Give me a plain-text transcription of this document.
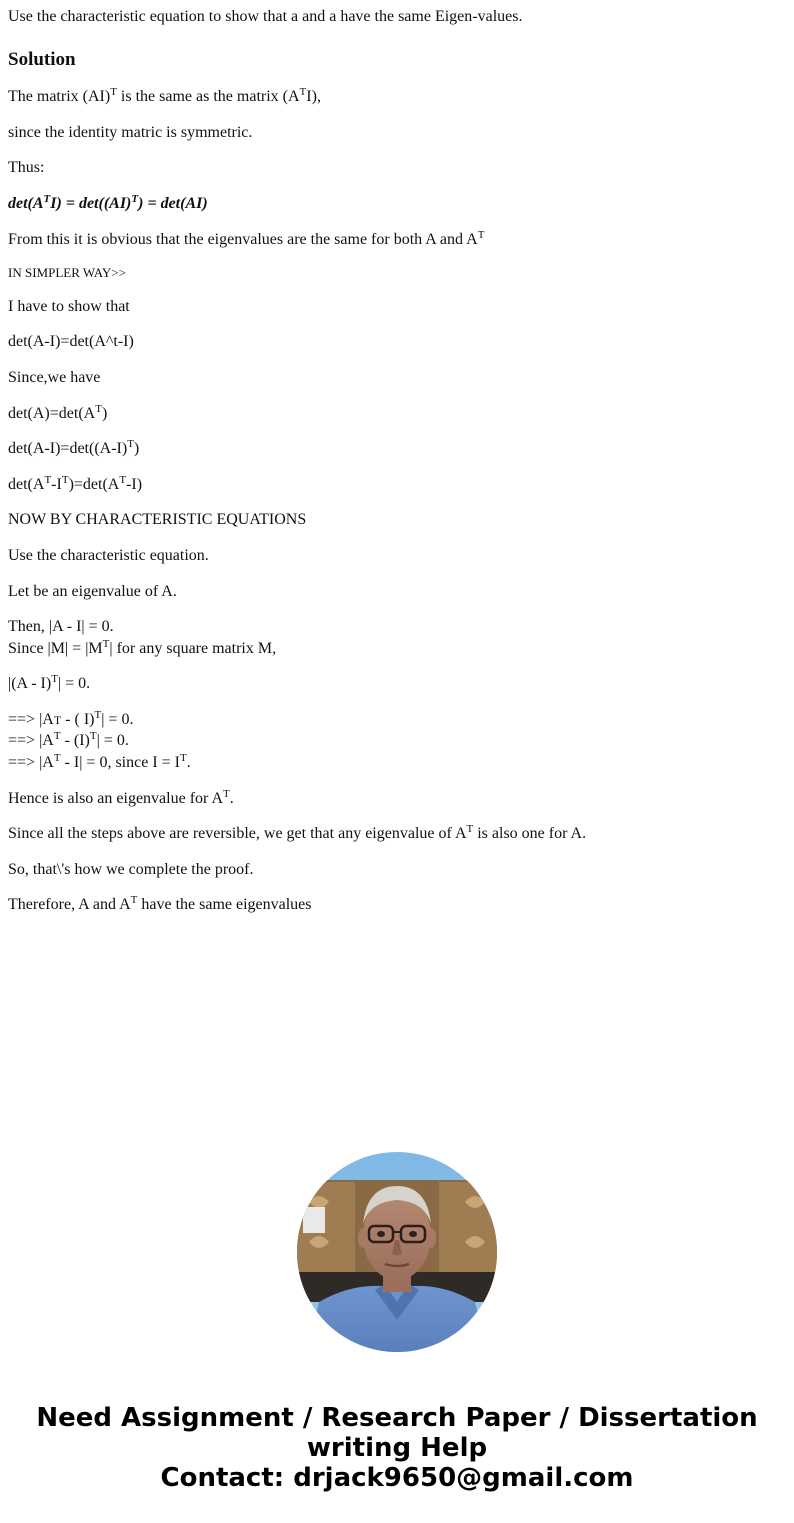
Use the characteristic equation to show that a and a have the same Eigen-values.
Solution
The matrix (AI)$^T$ is the same as the matrix $(A^TI)$,
since the identity matric is symmetric.
Thus:
$\det(A^TI) = \det((AI)^T) = \det(AI)$
From this it is obvious that the eigenvalues are the same for both A and $A^T$
IN SIMPLER WAY>>
I have to show that
det(A-I)=det(A^t-I)
Since,we have
$\det(A)=\det(A^T)$
$\det(A-I)=\det((A-I)^T)$
$\det(A^T-I^T)=\det(A^T-I)$
NOW BY CHARACTERISTIC EQUATIONS
Use the characteristic equation.
Let be an eigenvalue of A.
Then, |A - I| = 0.
Since $|M| = |M^T|$ for any square matrix M,
|(A - I)$^T$| = 0.
==> |AT - ( I)$^T$| = 0.
==> $|A^T - (I)^T| = 0$.
==> $|A^T - I| = 0$, since $I = I^T$.
Hence is also an eigenvalue for $A^T$.
Since all the steps above are reversible, we get that any eigenvalue of $A^T$ is also one for A.
So, that\'s how we complete the proof.
Therefore, A and $A^T$ have the same eigenvalues
Need Assignment / Research Paper / Dissertation
writing Help
Contact: drjack9650@gmail.com
